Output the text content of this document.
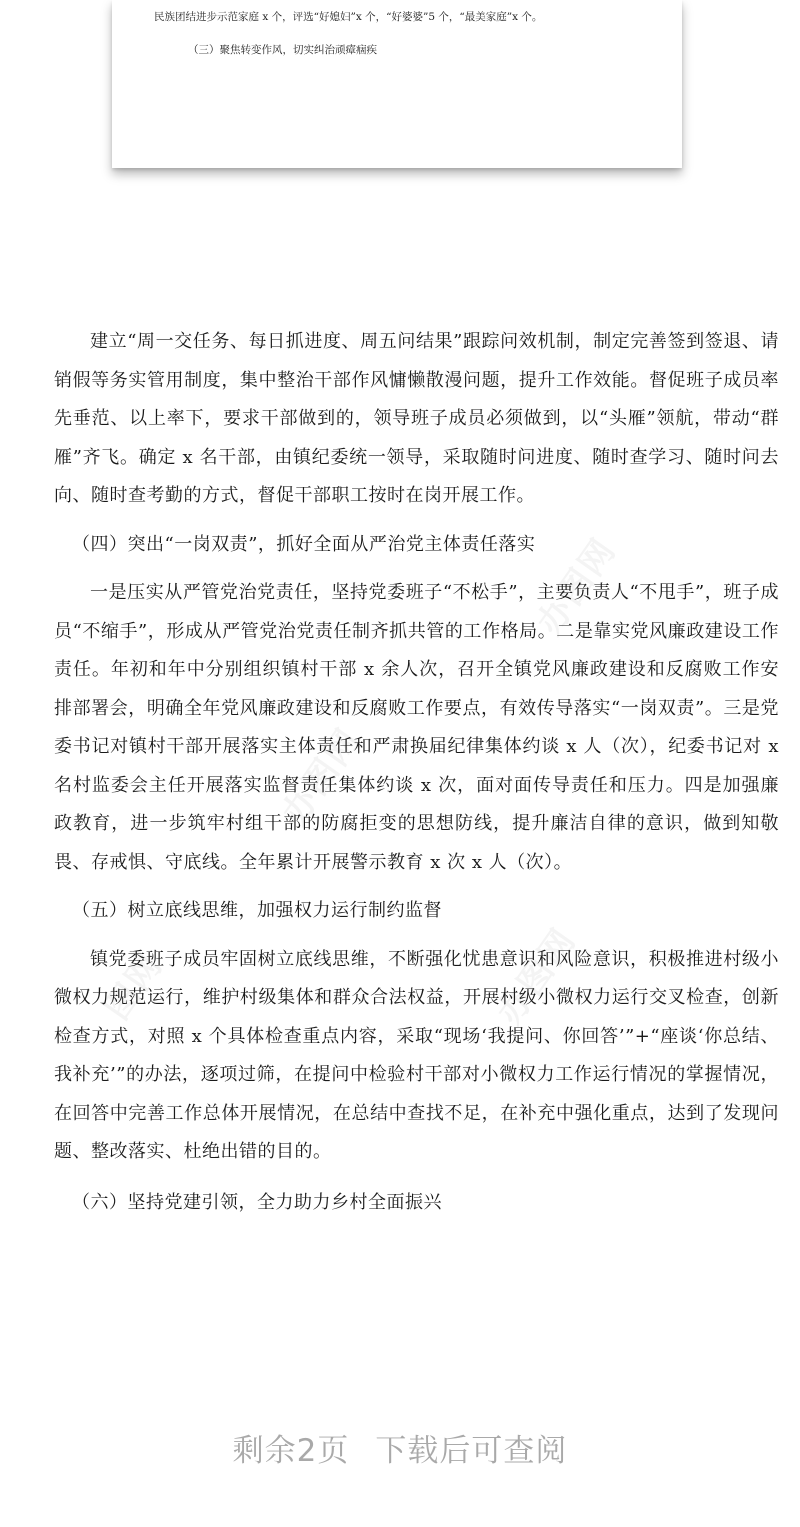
民族团结进步示范家庭 x 个，评选“好媳妇”x 个，“好婆婆”5 个，“最美家庭”x 个。
（三）聚焦转变作风，切实纠治顽瘴痼疾
办图网
办图网
办图网
图网

建立“周一交任务、每日抓进度、周五问结果”跟踪问效机制，制定完善签到签退、请销假等务实管用制度，集中整治干部作风慵懒散漫问题，提升工作效能。督促班子成员率先垂范、以上率下，要求干部做到的，领导班子成员必须做到，以“头雁”领航，带动“群雁”齐飞。确定 x 名干部，由镇纪委统一领导，采取随时问进度、随时查学习、随时问去向、随时查考勤的方式，督促干部职工按时在岗开展工作。

（四）突出“一岗双责”，抓好全面从严治党主体责任落实

一是压实从严管党治党责任，坚持党委班子“不松手”，主要负责人“不甩手”，班子成员“不缩手”，形成从严管党治党责任制齐抓共管的工作格局。二是靠实党风廉政建设工作责任。年初和年中分别组织镇村干部 x 余人次，召开全镇党风廉政建设和反腐败工作安排部署会，明确全年党风廉政建设和反腐败工作要点，有效传导落实“一岗双责”。三是党委书记对镇村干部开展落实主体责任和严肃换届纪律集体约谈 x 人（次），纪委书记对 x 名村监委会主任开展落实监督责任集体约谈 x 次，面对面传导责任和压力。四是加强廉政教育，进一步筑牢村组干部的防腐拒变的思想防线，提升廉洁自律的意识，做到知敬畏、存戒惧、守底线。全年累计开展警示教育 x 次 x 人（次）。

（五）树立底线思维，加强权力运行制约监督

镇党委班子成员牢固树立底线思维，不断强化忧患意识和风险意识，积极推进村级小微权力规范运行，维护村级集体和群众合法权益，开展村级小微权力运行交叉检查，创新检查方式，对照 x 个具体检查重点内容，采取“现场‘我提问、你回答’”+“座谈‘你总结、我补充’”的办法，逐项过筛，在提问中检验村干部对小微权力工作运行情况的掌握情况，在回答中完善工作总体开展情况，在总结中查找不足，在补充中强化重点，达到了发现问题、整改落实、杜绝出错的目的。

（六）坚持党建引领，全力助力乡村全面振兴

剩余2页 下载后可查阅
